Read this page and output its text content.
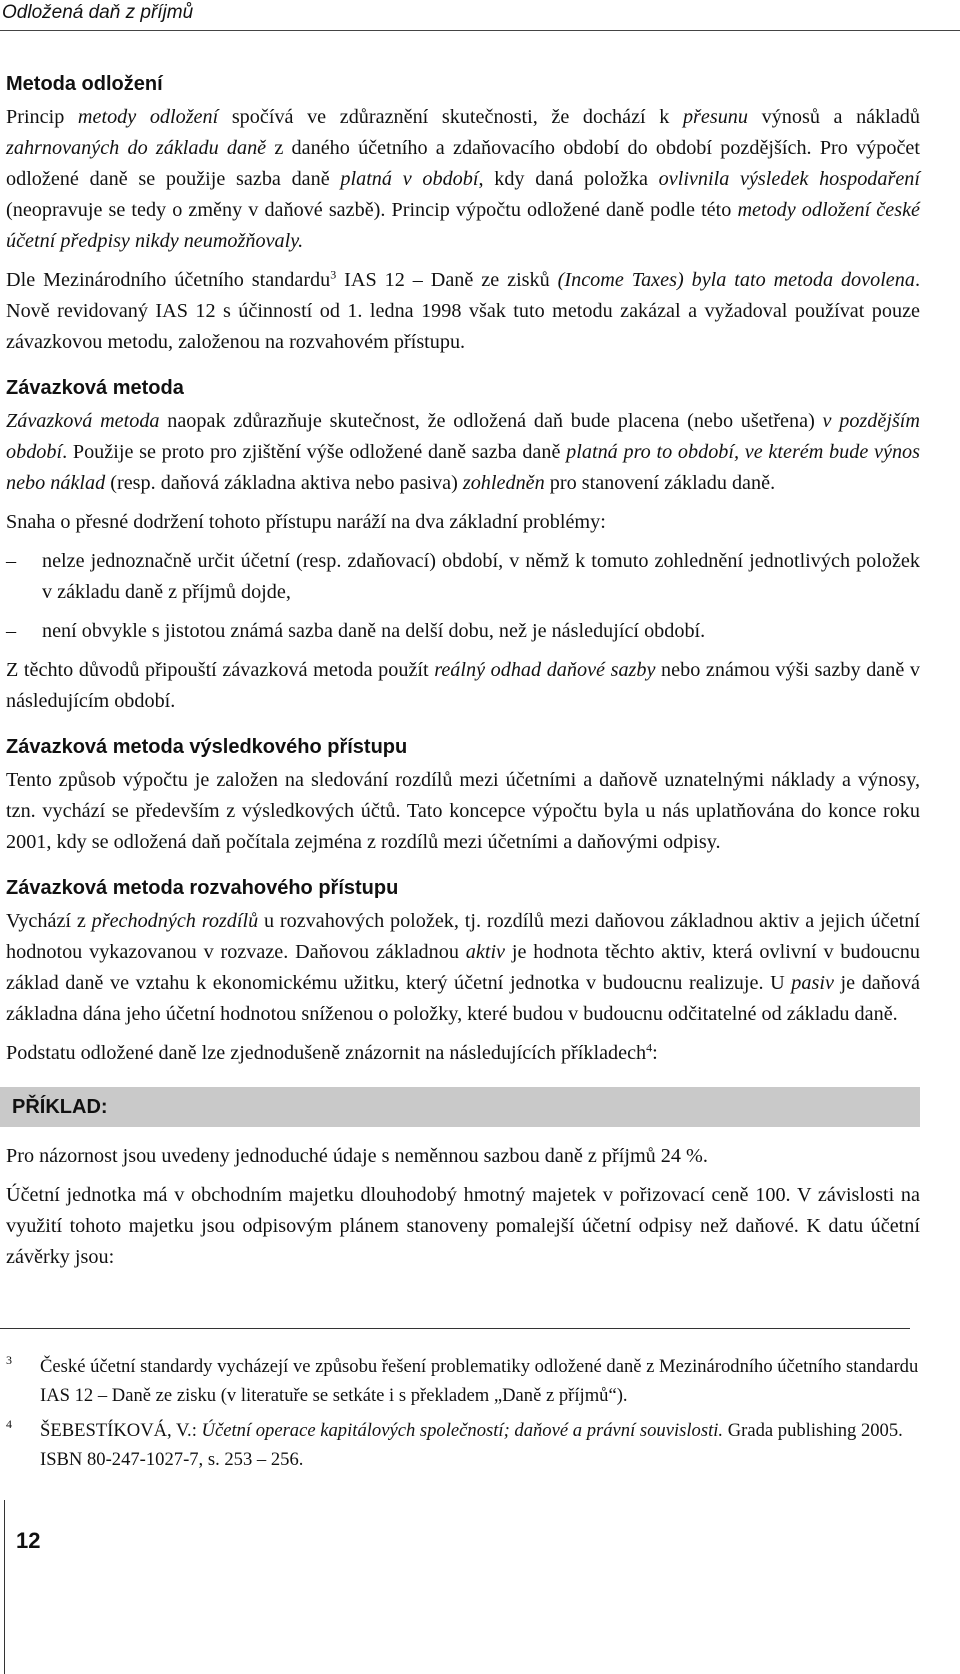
Odložená daň z příjmů
Metoda odložení

Princip metody odložení spočívá ve zdůraznění skutečnosti, že dochází k přesunu výnosů a nákladů zahrnovaných do základu daně z daného účetního a zdaňovacího období do období pozdějších. Pro výpočet odložené daně se použije sazba daně platná v období, kdy daná položka ovlivnila výsledek hospodaření (neopravuje se tedy o změny v daňové sazbě). Princip výpočtu odložené daně podle této metody odložení české účetní předpisy nikdy neumožňovaly.

Dle Mezinárodního účetního standardu$^3$ IAS 12 – Daně ze zisků (Income Taxes) byla tato metoda dovolena. Nově revidovaný IAS 12 s účinností od 1. ledna 1998 však tuto metodu zakázal a vyžadoval používat pouze závazkovou metodu, založenou na rozvahovém přístupu.

Závazková metoda

Závazková metoda naopak zdůrazňuje skutečnost, že odložená daň bude placena (nebo ušetřena) v pozdějším období. Použije se proto pro zjištění výše odložené daně sazba daně platná pro to období, ve kterém bude výnos nebo náklad (resp. daňová základna aktiva nebo pasiva) zohledněn pro stanovení základu daně.

Snaha o přesné dodržení tohoto přístupu naráží na dva základní problémy:

– nelze jednoznačně určit účetní (resp. zdaňovací) období, v němž k tomuto zohlednění jednotlivých položek v základu daně z příjmů dojde,
– není obvykle s jistotou známá sazba daně na delší dobu, než je následující období.

Z těchto důvodů připouští závazková metoda použít reálný odhad daňové sazby nebo známou výši sazby daně v následujícím období.

Závazková metoda výsledkového přístupu

Tento způsob výpočtu je založen na sledování rozdílů mezi účetními a daňově uznatelnými náklady a výnosy, tzn. vychází se především z výsledkových účtů. Tato koncepce výpočtu byla u nás uplatňována do konce roku 2001, kdy se odložená daň počítala zejména z rozdílů mezi účetními a daňovými odpisy.

Závazková metoda rozvahového přístupu

Vychází z přechodných rozdílů u rozvahových položek, tj. rozdílů mezi daňovou základnou aktiv a jejich účetní hodnotou vykazovanou v rozvaze. Daňovou základnou aktiv je hodnota těchto aktiv, která ovlivní v budoucnu základ daně ve vztahu k ekonomickému užitku, který účetní jednotka v budoucnu realizuje. U pasiv je daňová základna dána jeho účetní hodnotou sníženou o položky, které budou v budoucnu odčitatelné od základu daně.

Podstatu odložené daně lze zjednodušeně znázornit na následujících příkladech$^4$:

PŘÍKLAD:

Pro názornost jsou uvedeny jednoduché údaje s neměnnou sazbou daně z příjmů 24 %.

Účetní jednotka má v obchodním majetku dlouhodobý hmotný majetek v pořizovací ceně 100. V závislosti na využití tohoto majetku jsou odpisovým plánem stanoveny pomalejší účetní odpisy než daňové. K datu účetní závěrky jsou:

3 České účetní standardy vycházejí ve způsobu řešení problematiky odložené daně z Mezinárodního účetního standardu IAS 12 – Daně ze zisku (v literatuře se setkáte i s překladem „Daně z příjmů“).
4 ŠEBESTÍKOVÁ, V.: Účetní operace kapitálových společností; daňové a právní souvislosti. Grada publishing 2005. ISBN 80-247-1027-7, s. 253 – 256.
12
